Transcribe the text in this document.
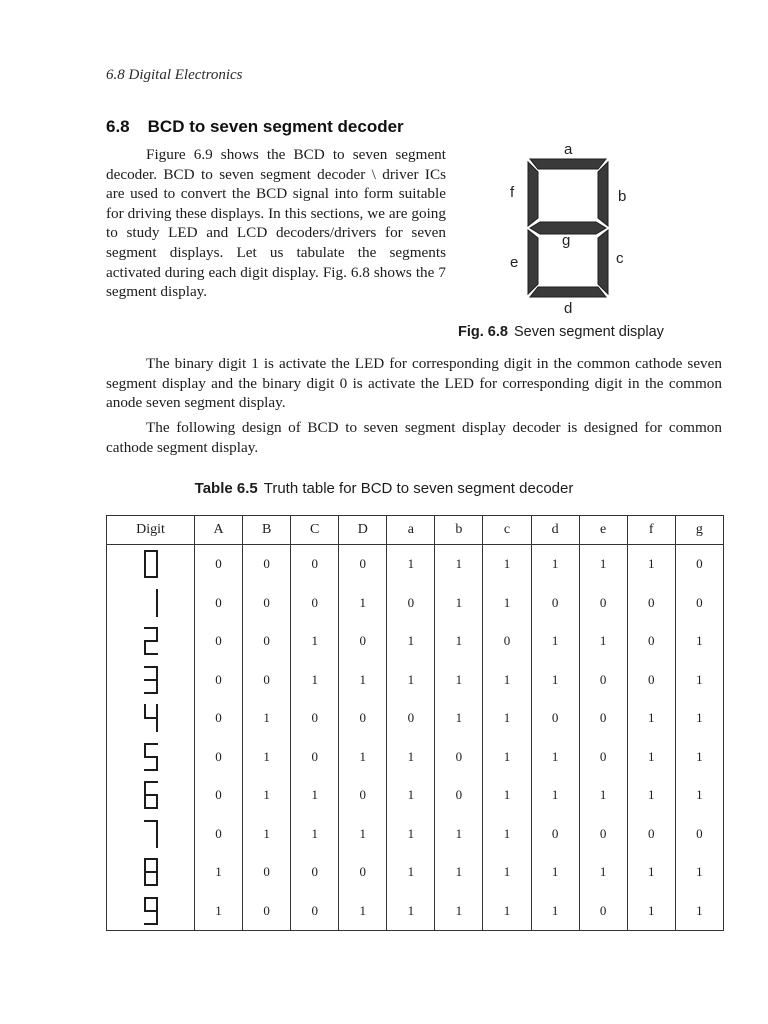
6.8 Digital Electronics
6.8 BCD to seven segment decoder

Figure 6.9 shows the BCD to seven segment decoder. BCD to seven segment decoder \ driver ICs are used to convert the BCD signal into form suitable for driving these displays. In this sections, we are going to study LED and LCD decoders/drivers for seven segment displays. Let us tabulate the segments activated during each digit display. Fig. 6.8 shows the 7 segment display.

a
f	b
g
e	c
d
Fig. 6.8 Seven segment display

The binary digit 1 is activate the LED for corresponding digit in the common cathode seven segment display and the binary digit 0 is activate the LED for corresponding digit in the common anode seven segment display.

The following design of BCD to seven segment display decoder is designed for common cathode segment display.

Table 6.5 Truth table for BCD to seven segment decoder
Digit	A	B	C	D	a	b	c	d	e	f	g

	0	0	0	0	1	1	1	1	1	1	0

	0	0	0	1	0	1	1	0	0	0	0

	0	0	1	0	1	1	0	1	1	0	1

	0	0	1	1	1	1	1	1	0	0	1

	0	1	0	0	0	1	1	0	0	1	1

	0	1	0	1	1	0	1	1	0	1	1

	0	1	1	0	1	0	1	1	1	1	1

	0	1	1	1	1	1	1	0	0	0	0

	1	0	0	0	1	1	1	1	1	1	1

	1	0	0	1	1	1	1	1	0	1	1
